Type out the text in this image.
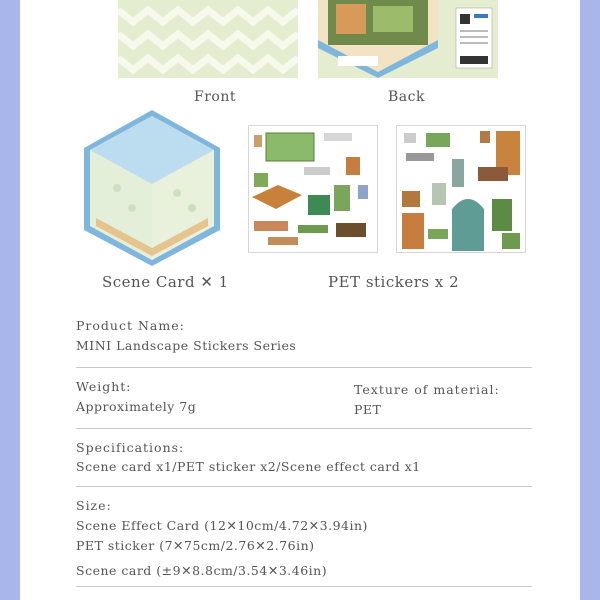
Front	Back
Scene Card ✕ 1	PET stickers x 2
Product Name:
MINI Landscape Stickers Series
Weight:
Approximately 7g
Texture of material:
PET
Specifications:
Scene card x1/PET sticker x2/Scene effect card x1
Size:
Scene Effect Card (12✕10cm/4.72✕3.94in)
PET sticker (7✕75cm/2.76✕2.76in)
Scene card (±9✕8.8cm/3.54✕3.46in)
